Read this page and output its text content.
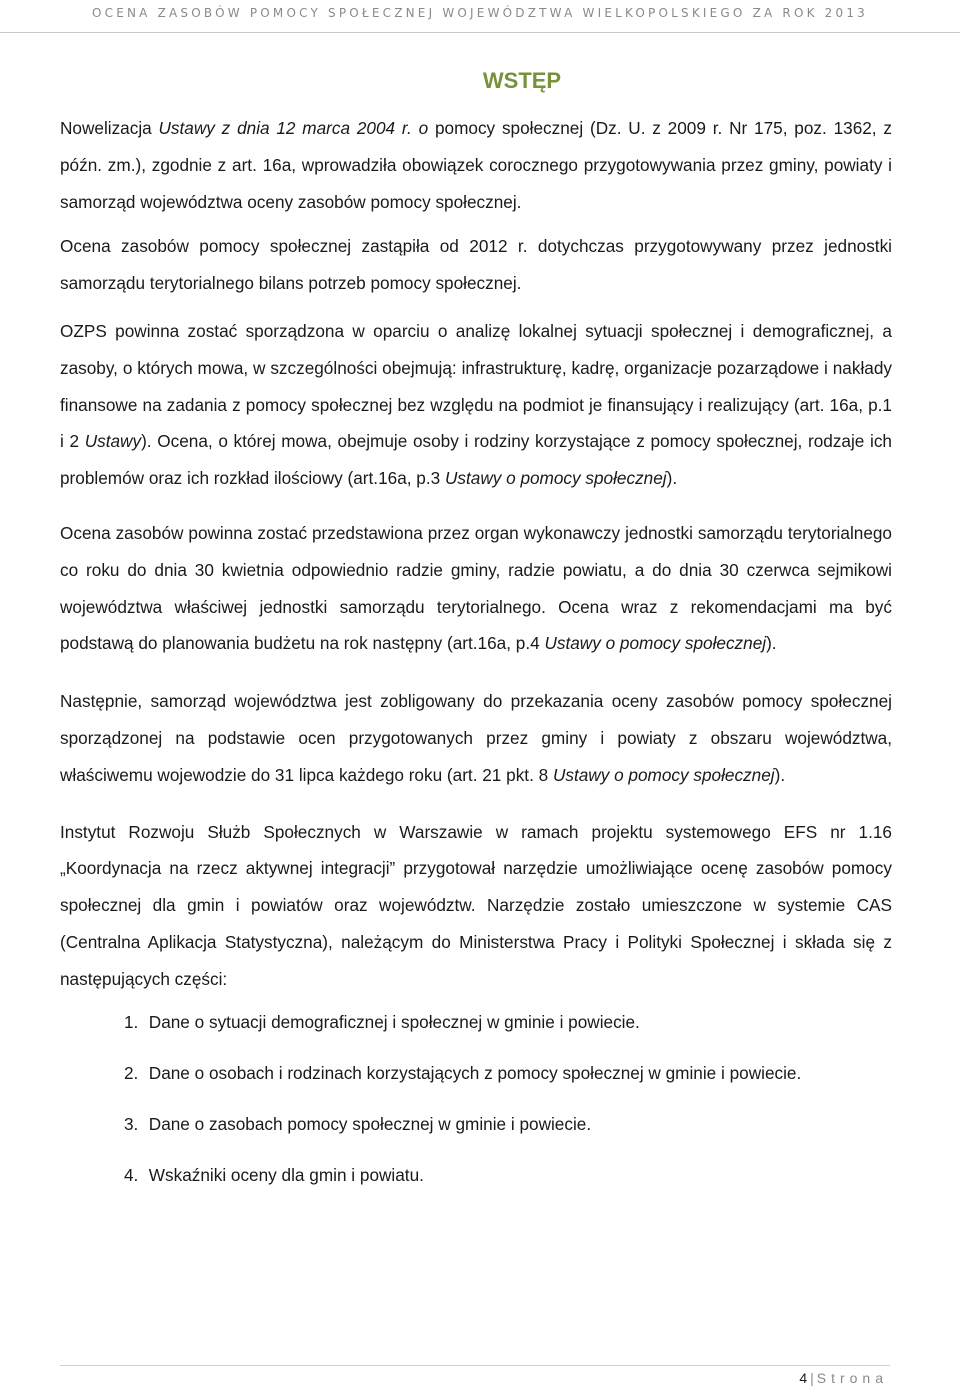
OCENA ZASOBÓW POMOCY SPOŁECZNEJ WOJEWÓDZTWA WIELKOPOLSKIEGO ZA ROK 2013
WSTĘP

Nowelizacja Ustawy z dnia 12 marca 2004 r. o pomocy społecznej (Dz. U. z 2009 r. Nr 175, poz. 1362, z późn. zm.), zgodnie z art. 16a, wprowadziła obowiązek corocznego przygotowywania przez gminy, powiaty i samorząd województwa oceny zasobów pomocy społecznej.

Ocena zasobów pomocy społecznej zastąpiła od 2012 r. dotychczas przygotowywany przez jednostki samorządu terytorialnego bilans potrzeb pomocy społecznej.

OZPS powinna zostać sporządzona w oparciu o analizę lokalnej sytuacji społecznej i demograficznej, a zasoby, o których mowa, w szczególności obejmują: infrastrukturę, kadrę, organizacje pozarządowe i nakłady finansowe na zadania z pomocy społecznej bez względu na podmiot je finansujący i realizujący (art. 16a, p.1 i 2 Ustawy). Ocena, o której mowa, obejmuje osoby i rodziny korzystające z pomocy społecznej, rodzaje ich problemów oraz ich rozkład ilościowy (art.16a, p.3 Ustawy o pomocy społecznej).

Ocena zasobów powinna zostać przedstawiona przez organ wykonawczy jednostki samorządu terytorialnego co roku do dnia 30 kwietnia odpowiednio radzie gminy, radzie powiatu, a do dnia 30 czerwca sejmikowi województwa właściwej jednostki samorządu terytorialnego. Ocena wraz z rekomendacjami ma być podstawą do planowania budżetu na rok następny (art.16a, p.4 Ustawy o pomocy społecznej).

Następnie, samorząd województwa jest zobligowany do przekazania oceny zasobów pomocy społecznej sporządzonej na podstawie ocen przygotowanych przez gminy i powiaty z obszaru województwa, właściwemu wojewodzie do 31 lipca każdego roku (art. 21 pkt. 8 Ustawy o pomocy społecznej).

Instytut Rozwoju Służb Społecznych w Warszawie w ramach projektu systemowego EFS nr 1.16 „Koordynacja na rzecz aktywnej integracji” przygotował narzędzie umożliwiające ocenę zasobów pomocy społecznej dla gmin i powiatów oraz województw. Narzędzie zostało umieszczone w systemie CAS (Centralna Aplikacja Statystyczna), należącym do Ministerstwa Pracy i Polityki Społecznej i składa się z następujących części:

1. Dane o sytuacji demograficznej i społecznej w gminie i powiecie.
2. Dane o osobach i rodzinach korzystających z pomocy społecznej w gminie i powiecie.
3. Dane o zasobach pomocy społecznej w gminie i powiecie.
4. Wskaźniki oceny dla gmin i powiatu.
4 | Strona
